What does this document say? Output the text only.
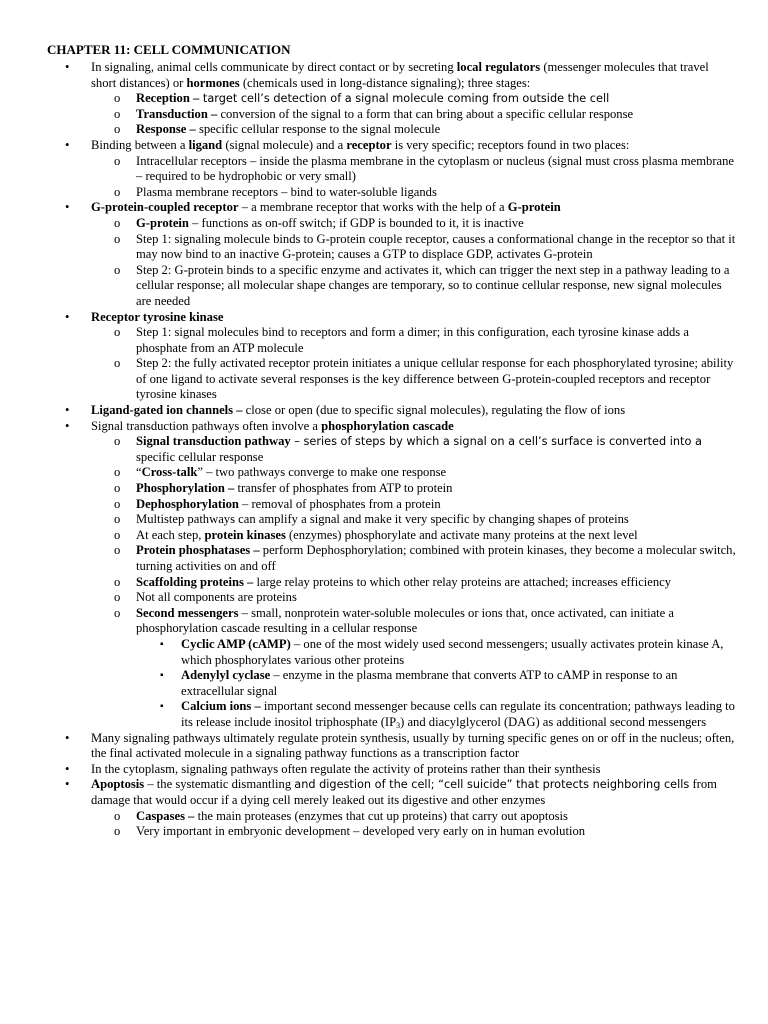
CHAPTER 11: CELL COMMUNICATION
• In signaling, animal cells communicate by direct contact or by secreting local regulators (messenger molecules that travel short distances) or hormones (chemicals used in long-distance signaling); three stages:
o Reception – target cell’s detection of a signal molecule coming from outside the cell
o Transduction – conversion of the signal to a form that can bring about a specific cellular response
o Response – specific cellular response to the signal molecule
• Binding between a ligand (signal molecule) and a receptor is very specific; receptors found in two places:
o Intracellular receptors – inside the plasma membrane in the cytoplasm or nucleus (signal must cross plasma membrane – required to be hydrophobic or very small)
o Plasma membrane receptors – bind to water-soluble ligands
• G-protein-coupled receptor – a membrane receptor that works with the help of a G-protein
o G-protein – functions as on-off switch; if GDP is bounded to it, it is inactive
o Step 1: signaling molecule binds to G-protein couple receptor, causes a conformational change in the receptor so that it may now bind to an inactive G-protein; causes a GTP to displace GDP, activates G-protein
o Step 2: G-protein binds to a specific enzyme and activates it, which can trigger the next step in a pathway leading to a cellular response; all molecular shape changes are temporary, so to continue cellular response, new signal molecules are needed
• Receptor tyrosine kinase
o Step 1: signal molecules bind to receptors and form a dimer; in this configuration, each tyrosine kinase adds a phosphate from an ATP molecule
o Step 2: the fully activated receptor protein initiates a unique cellular response for each phosphorylated tyrosine; ability of one ligand to activate several responses is the key difference between G-protein-coupled receptors and receptor tyrosine kinases
• Ligand-gated ion channels – close or open (due to specific signal molecules), regulating the flow of ions
• Signal transduction pathways often involve a phosphorylation cascade
o Signal transduction pathway – series of steps by which a signal on a cell’s surface is converted into a specific cellular response
o “Cross-talk” – two pathways converge to make one response
o Phosphorylation – transfer of phosphates from ATP to protein
o Dephosphorylation – removal of phosphates from a protein
o Multistep pathways can amplify a signal and make it very specific by changing shapes of proteins
o At each step, protein kinases (enzymes) phosphorylate and activate many proteins at the next level
o Protein phosphatases – perform Dephosphorylation; combined with protein kinases, they become a molecular switch, turning activities on and off
o Scaffolding proteins – large relay proteins to which other relay proteins are attached; increases efficiency
o Not all components are proteins
o Second messengers – small, nonprotein water-soluble molecules or ions that, once activated, can initiate a phosphorylation cascade resulting in a cellular response
▪ Cyclic AMP (cAMP) – one of the most widely used second messengers; usually activates protein kinase A, which phosphorylates various other proteins
▪ Adenylyl cyclase – enzyme in the plasma membrane that converts ATP to cAMP in response to an extracellular signal
▪ Calcium ions – important second messenger because cells can regulate its concentration; pathways leading to its release include inositol triphosphate $(IP_3)$ and diacylglycerol (DAG) as additional second messengers
• Many signaling pathways ultimately regulate protein synthesis, usually by turning specific genes on or off in the nucleus; often, the final activated molecule in a signaling pathway functions as a transcription factor
• In the cytoplasm, signaling pathways often regulate the activity of proteins rather than their synthesis
• Apoptosis – the systematic dismantling and digestion of the cell; “cell suicide” that protects neighboring cells from damage that would occur if a dying cell merely leaked out its digestive and other enzymes
o Caspases – the main proteases (enzymes that cut up proteins) that carry out apoptosis
o Very important in embryonic development – developed very early on in human evolution
